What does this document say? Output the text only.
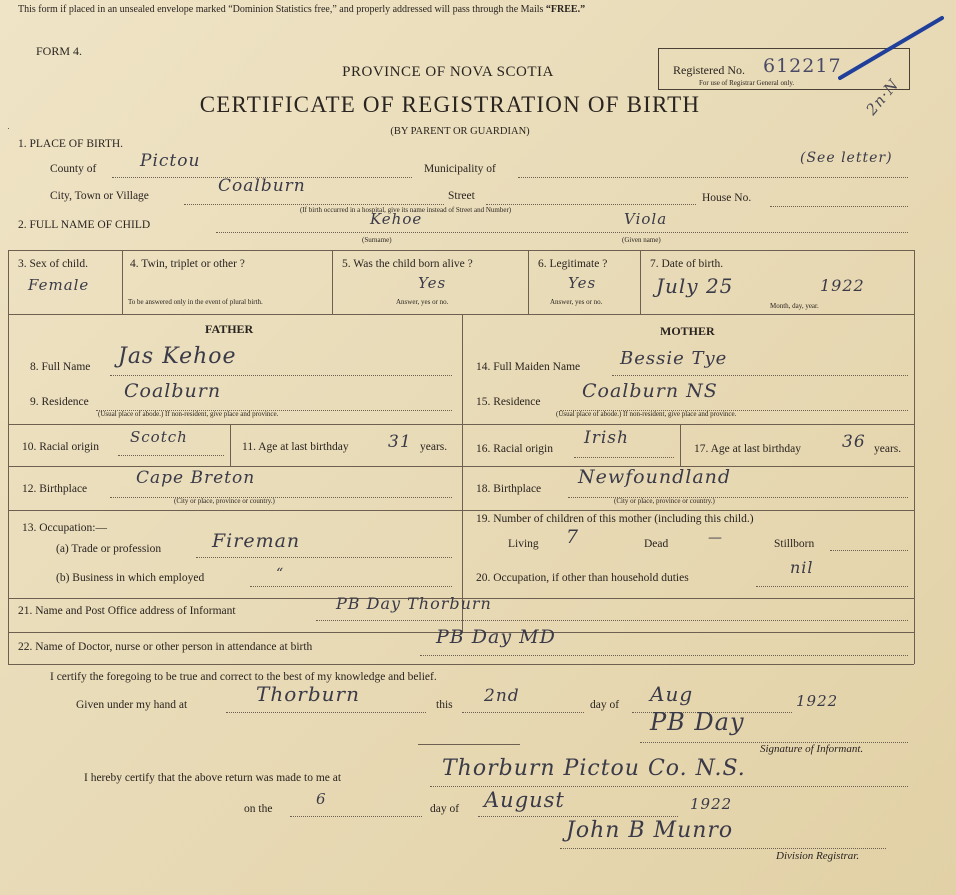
This form if placed in an unsealed envelope marked “Dominion Statistics free,” and properly addressed will pass through the Mails “FREE.”
FORM 4.
PROVINCE OF NOVA SCOTIA
CERTIFICATE OF REGISTRATION OF BIRTH
(BY PARENT OR GUARDIAN)
Registered No. 612217
For use of Registrar General only.	2n·N
1. PLACE OF BIRTH.
County of	Pictou	Municipality of
(See letter)
City, Town or Village	Coalburn	Street	House No.
(If birth occurred in a hospital, give its name instead of Street and Number)
2. FULL NAME OF CHILD	Kehoe	Viola
(Surname)	(Given name)
3. Sex of child.
Female
4. Twin, triplet or other ?
To be answered only in the event of plural birth.
5. Was the child born alive ?
Yes
Answer, yes or no.
6. Legitimate ?
Yes
Answer, yes or no.
7. Date of birth.
July 25	1922
Month, day, year.
FATHER	MOTHER
8. Full Name Jas Kehoe
9. Residence Coalburn
(Usual place of abode.) If non-resident, give place and province.
10. Racial origin
Scotch
11. Age at last birthday 31 years.
12. Birthplace
Cape Breton
(City or place, province or country.)
13. Occupation:—
(a) Trade or profession	Fireman
(b) Business in which employed	“
14. Full Maiden Name Bessie Tye
15. Residence Coalburn NS
(Usual place of abode.) If non-resident, give place and province.
16. Racial origin
Irish
17. Age at last birthday 36 years.
18. Birthplace
Newfoundland
(City or place, province or country.)
19. Number of children of this mother (including this child.)
Living 7	Dead	—	Stillborn
20. Occupation, if other than household duties
nil
21. Name and Post Office address of Informant	PB Day Thorburn
22. Name of Doctor, nurse or other person in attendance at birth	PB Day MD
I certify the foregoing to be true and correct to the best of my knowledge and belief.
Given under my hand at	Thorburn	this 2nd	day of Aug	1922
PB Day
Signature of Informant.
I hereby certify that the above return was made to me at	Thorburn Pictou Co. N.S.
on the
6
day of August	1922
John B Munro
Division Registrar.
